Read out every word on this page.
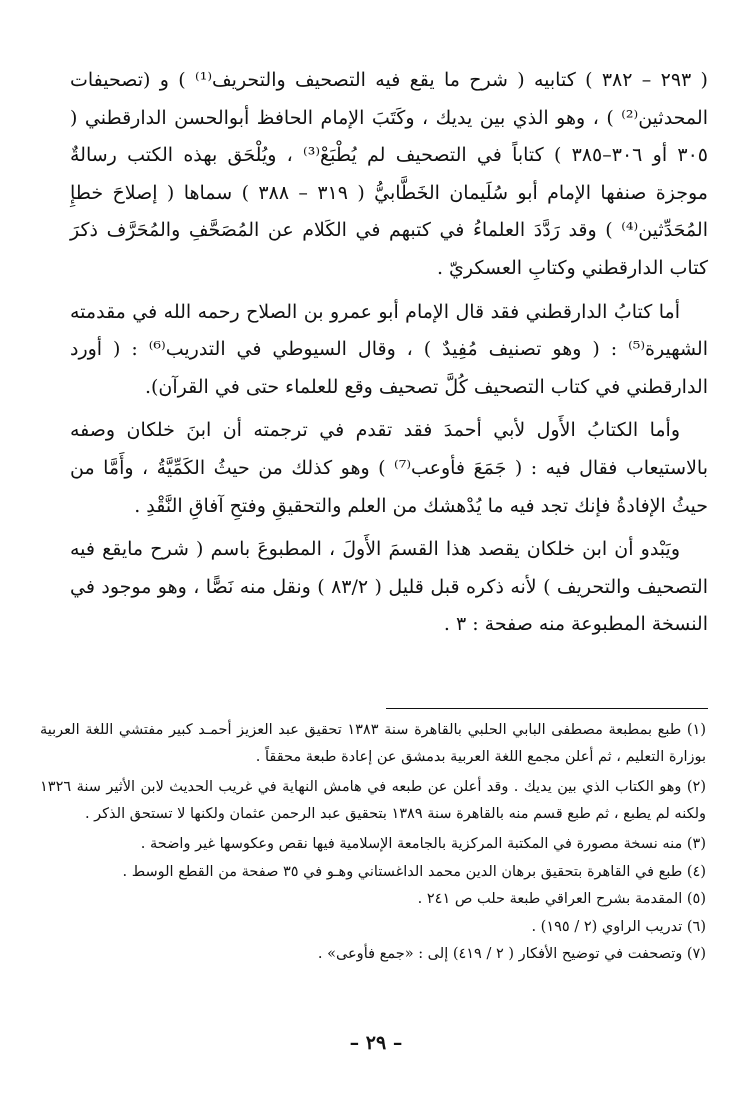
( ٢٩٣ – ٣٨٢ ) كتابيه ( شرح ما يقع فيه التصحيف والتحريف⁽¹⁾ ) و (تصحيفات المحدثين⁽²⁾ ) ، وهو الذي بين يديك ، وكَتَبَ الإمام الحافظ أبوالحسن الدارقطني ( ٣٠٥ أو ٣٠٦–٣٨٥ ) كتاباً في التصحيف لم يُطْبَعْ⁽³⁾ ، ويُلْحَق بهذه الكتب رسالةٌ موجزة صنفها الإمام أبو سُلَيمان الخَطَّابيُّ ( ٣١٩ – ٣٨٨ ) سماها ( إصلاحَ خطإِ المُحَدِّثين⁽⁴⁾ ) وقد رَدَّدَ العلماءُ في كتبهم في الكَلام عن المُصَحَّفِ والمُحَرَّف ذكرَ كتاب الدارقطني وكتابِ العسكريّ .

أما كتابُ الدارقطني فقد قال الإمام أبو عمرو بن الصلاح رحمه الله في مقدمته الشهيرة⁽⁵⁾ : ( وهو تصنيف مُفِيدٌ ) ، وقال السيوطي في التدريب⁽⁶⁾ : ( أورد الدارقطني في كتاب التصحيف كُلَّ تصحيف وقع للعلماء حتى في القرآن).

وأما الكتابُ الأَول لأبي أحمدَ فقد تقدم في ترجمته أن ابنَ خلكان وصفه بالاستيعاب فقال فيه : ( جَمَعَ فأوعب⁽⁷⁾ ) وهو كذلك من حيثُ الكَمِّيَّةُ ، وأَمَّا من حيثُ الإفادةُ فإنك تجد فيه ما يُدْهشك من العلم والتحقيقِ وفتحِ آفاقِ النَّقْدِ .

ويَبْدو أن ابن خلكان يقصد هذا القسمَ الأَولَ ، المطبوعَ باسم ( شرح مايقع فيه التصحيف والتحريف ) لأنه ذكره قبل قليل ( ٨٣/٢ ) ونقل منه نَصًّا ، وهو موجود في النسخة المطبوعة منه صفحة : ٣ .

(١) طبع بمطبعة مصطفى البابي الحلبي بالقاهرة سنة ١٣٨٣ تحقيق عبد العزيز أحمـد كبير مفتشي اللغة العربية بوزارة التعليم ، ثم أعلن مجمع اللغة العربية بدمشق عن إعادة طبعة محققاً .

(٢) وهو الكتاب الذي بين يديك . وقد أعلن عن طبعه في هامش النهاية في غريب الحديث لابن الأثير سنة ١٣٢٦ ولكنه لم يطبع ، ثم طبع قسم منه بالقاهرة سنة ١٣٨٩ بتحقيق عبد الرحمن عثمان ولكنها لا تستحق الذكر .

(٣) منه نسخة مصورة في المكتبة المركزية بالجامعة الإسلامية فيها نقص وعكوسها غير واضحة .

(٤) طبع في القاهرة بتحقيق برهان الدين محمد الداغستاني وهـو في ٣٥ صفحة من القطع الوسط .

(٥) المقدمة بشرح العراقي طبعة حلب ص ٢٤١ .

(٦) تدريب الراوي (٢ / ١٩٥) .

(٧) وتصحفت في توضيح الأفكار ( ٢ / ٤١٩) إلى : «جمع فأوعى» .

– ٢٩ –
